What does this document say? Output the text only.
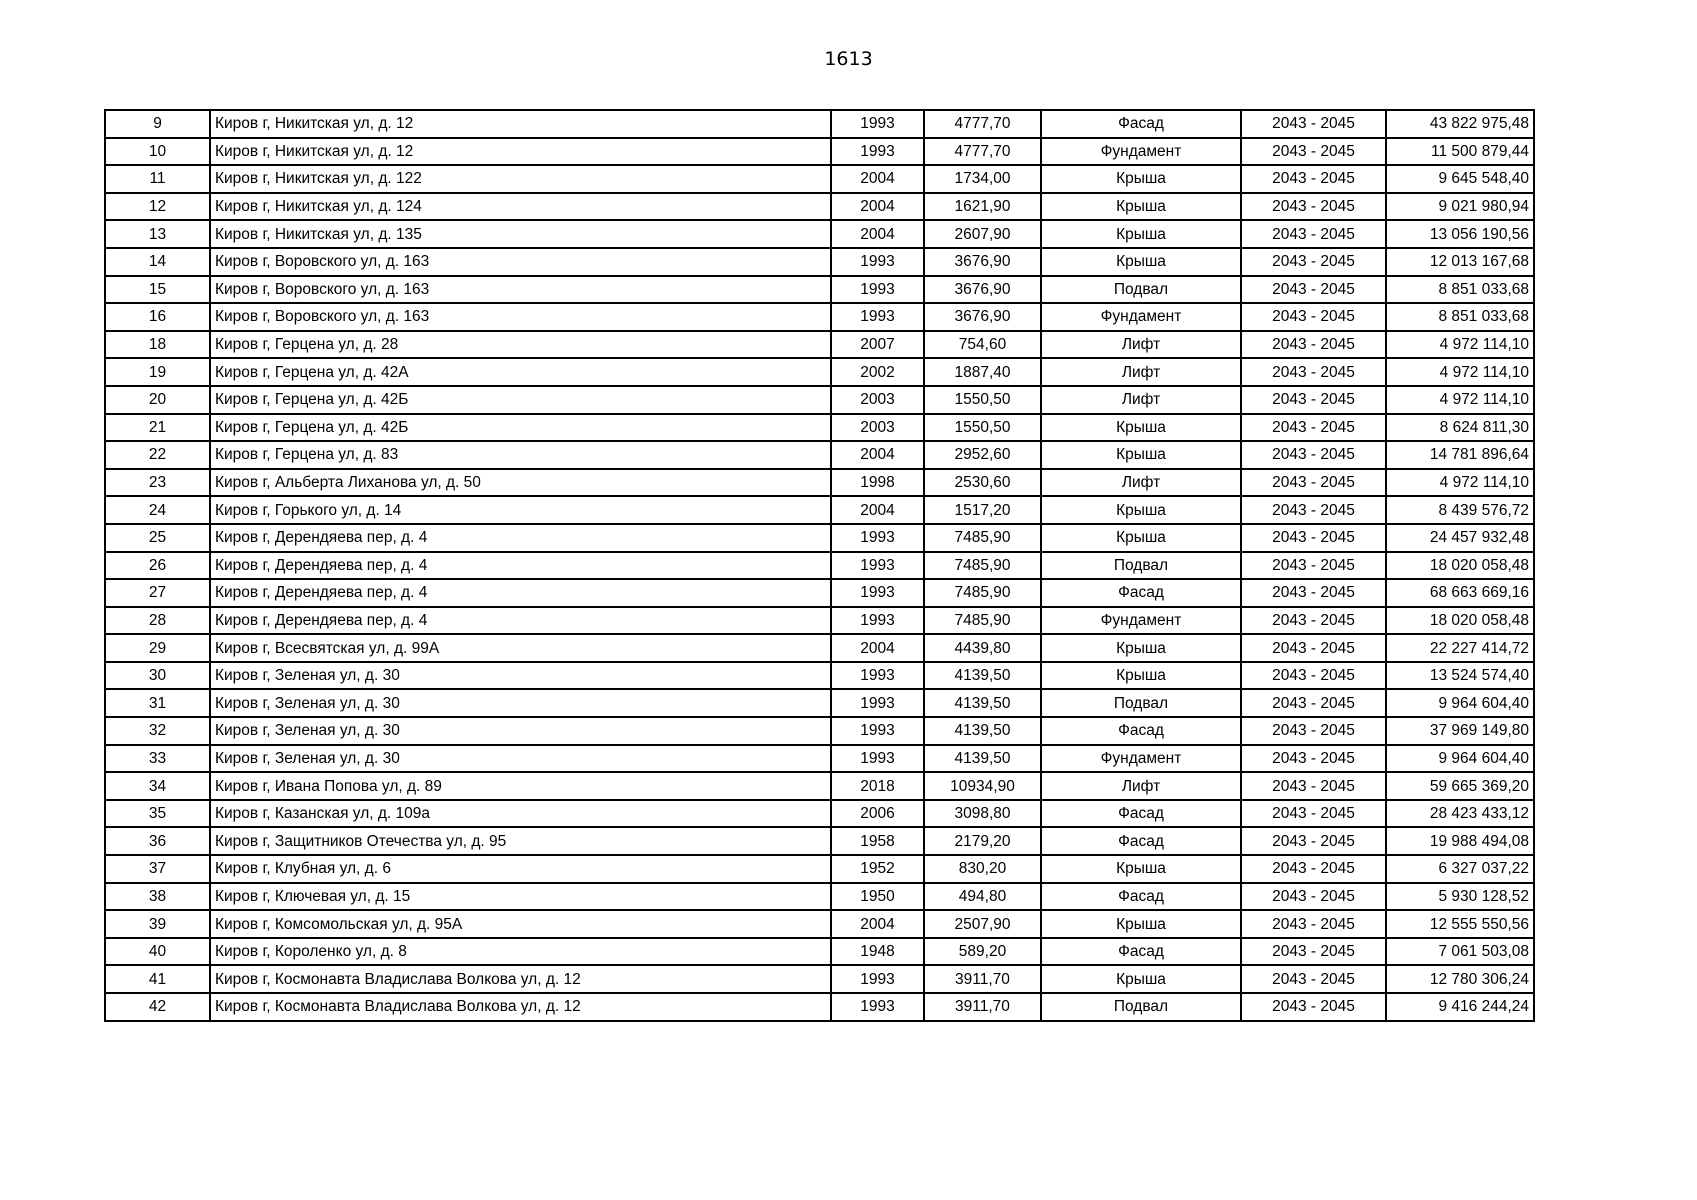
1613
9	Киров г, Никитская ул, д. 12	1993	4777,70	Фасад	2043 - 2045	43 822 975,48
10	Киров г, Никитская ул, д. 12	1993	4777,70	Фундамент	2043 - 2045	11 500 879,44
11	Киров г, Никитская ул, д. 122	2004	1734,00	Крыша	2043 - 2045	9 645 548,40
12	Киров г, Никитская ул, д. 124	2004	1621,90	Крыша	2043 - 2045	9 021 980,94
13	Киров г, Никитская ул, д. 135	2004	2607,90	Крыша	2043 - 2045	13 056 190,56
14	Киров г, Воровского ул, д. 163	1993	3676,90	Крыша	2043 - 2045	12 013 167,68
15	Киров г, Воровского ул, д. 163	1993	3676,90	Подвал	2043 - 2045	8 851 033,68
16	Киров г, Воровского ул, д. 163	1993	3676,90	Фундамент	2043 - 2045	8 851 033,68
18	Киров г, Герцена ул, д. 28	2007	754,60	Лифт	2043 - 2045	4 972 114,10
19	Киров г, Герцена ул, д. 42А	2002	1887,40	Лифт	2043 - 2045	4 972 114,10
20	Киров г, Герцена ул, д. 42Б	2003	1550,50	Лифт	2043 - 2045	4 972 114,10
21	Киров г, Герцена ул, д. 42Б	2003	1550,50	Крыша	2043 - 2045	8 624 811,30
22	Киров г, Герцена ул, д. 83	2004	2952,60	Крыша	2043 - 2045	14 781 896,64
23	Киров г, Альберта Лиханова ул, д. 50	1998	2530,60	Лифт	2043 - 2045	4 972 114,10
24	Киров г, Горького ул, д. 14	2004	1517,20	Крыша	2043 - 2045	8 439 576,72
25	Киров г, Дерендяева пер, д. 4	1993	7485,90	Крыша	2043 - 2045	24 457 932,48
26	Киров г, Дерендяева пер, д. 4	1993	7485,90	Подвал	2043 - 2045	18 020 058,48
27	Киров г, Дерендяева пер, д. 4	1993	7485,90	Фасад	2043 - 2045	68 663 669,16
28	Киров г, Дерендяева пер, д. 4	1993	7485,90	Фундамент	2043 - 2045	18 020 058,48
29	Киров г, Всесвятская ул, д. 99А	2004	4439,80	Крыша	2043 - 2045	22 227 414,72
30	Киров г, Зеленая ул, д. 30	1993	4139,50	Крыша	2043 - 2045	13 524 574,40
31	Киров г, Зеленая ул, д. 30	1993	4139,50	Подвал	2043 - 2045	9 964 604,40
32	Киров г, Зеленая ул, д. 30	1993	4139,50	Фасад	2043 - 2045	37 969 149,80
33	Киров г, Зеленая ул, д. 30	1993	4139,50	Фундамент	2043 - 2045	9 964 604,40
34	Киров г, Ивана Попова ул, д. 89	2018	10934,90	Лифт	2043 - 2045	59 665 369,20
35	Киров г, Казанская ул, д. 109а	2006	3098,80	Фасад	2043 - 2045	28 423 433,12
36	Киров г, Защитников Отечества ул, д. 95	1958	2179,20	Фасад	2043 - 2045	19 988 494,08
37	Киров г, Клубная ул, д. 6	1952	830,20	Крыша	2043 - 2045	6 327 037,22
38	Киров г, Ключевая ул, д. 15	1950	494,80	Фасад	2043 - 2045	5 930 128,52
39	Киров г, Комсомольская ул, д. 95А	2004	2507,90	Крыша	2043 - 2045	12 555 550,56
40	Киров г, Короленко ул, д. 8	1948	589,20	Фасад	2043 - 2045	7 061 503,08
41	Киров г, Космонавта Владислава Волкова ул, д. 12	1993	3911,70	Крыша	2043 - 2045	12 780 306,24
42	Киров г, Космонавта Владислава Волкова ул, д. 12	1993	3911,70	Подвал	2043 - 2045	9 416 244,24
